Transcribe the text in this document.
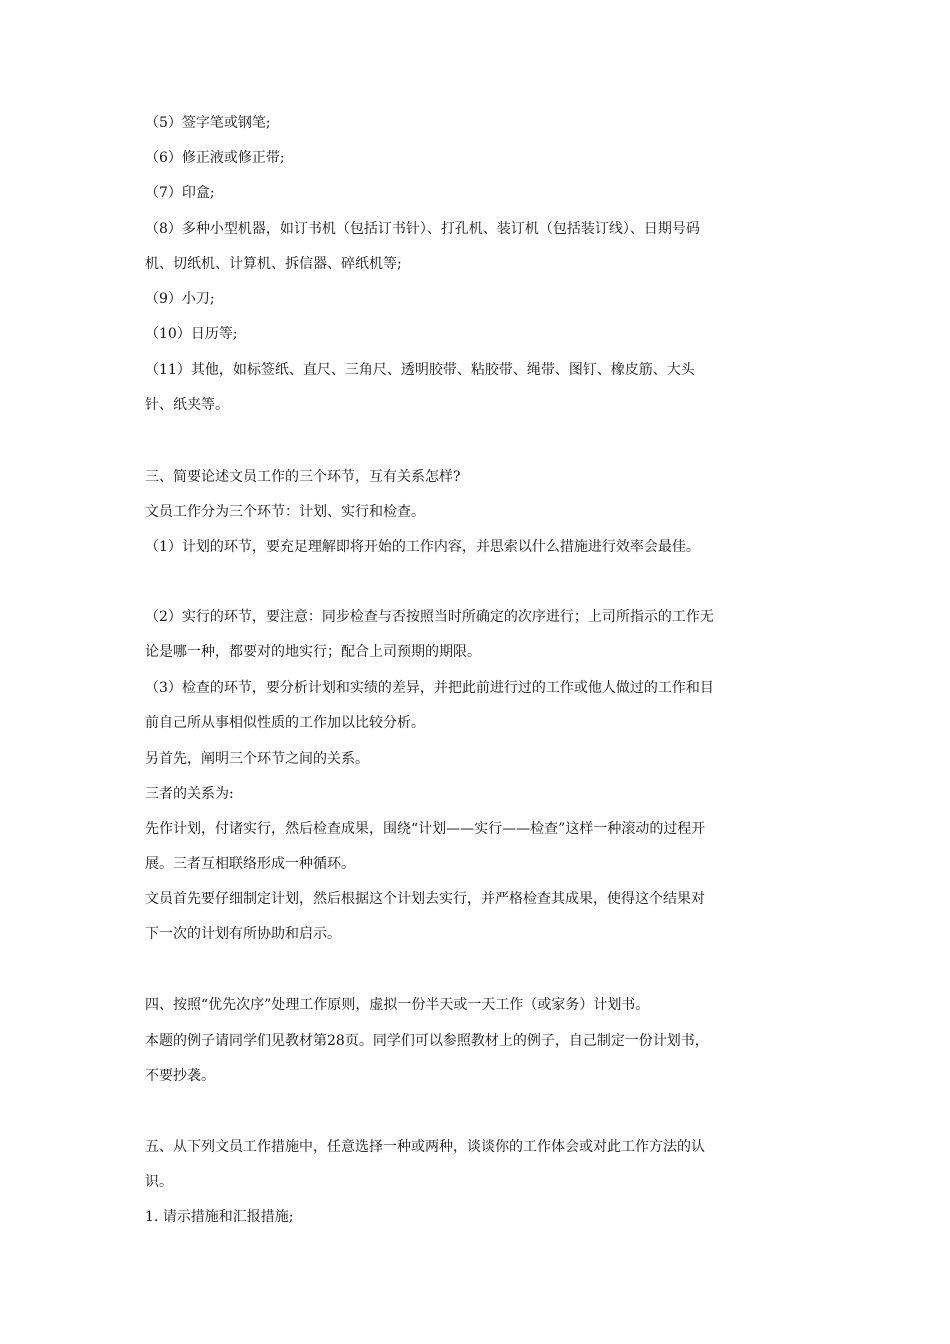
（5）签字笔或钢笔;

（6）修正液或修正带;

（7）印盒;

（8）多种小型机器，如订书机（包括订书针）、打孔机、装订机（包括装订线）、日期号码机、切纸机、计算机、拆信器、碎纸机等;

（9）小刀;

（10）日历等;

（11）其他，如标签纸、直尺、三角尺、透明胶带、粘胶带、绳带、图钉、橡皮筋、大头针、纸夹等。

三、简要论述文员工作的三个环节，互有关系怎样?

文员工作分为三个环节：计划、实行和检查。

（1）计划的环节，要充足理解即将开始的工作内容，并思索以什么措施进行效率会最佳。

（2）实行的环节，要注意：同步检查与否按照当时所确定的次序进行；上司所指示的工作无论是哪一种，都要对的地实行；配合上司预期的期限。

（3）检查的环节，要分析计划和实绩的差异，并把此前进行过的工作或他人做过的工作和目前自己所从事相似性质的工作加以比较分析。

另首先，阐明三个环节之间的关系。

三者的关系为:

先作计划，付诸实行，然后检查成果，围绕“计划——实行——检查”这样一种滚动的过程开展。三者互相联络形成一种循环。

文员首先要仔细制定计划，然后根据这个计划去实行，并严格检查其成果，使得这个结果对下一次的计划有所协助和启示。

四、按照“优先次序”处理工作原则，虚拟一份半天或一天工作（或家务）计划书。

本题的例子请同学们见教材第28页。同学们可以参照教材上的例子，自己制定一份计划书，不要抄袭。

五、从下列文员工作措施中，任意选择一种或两种，谈谈你的工作体会或对此工作方法的认识。

1. 请示措施和汇报措施;
